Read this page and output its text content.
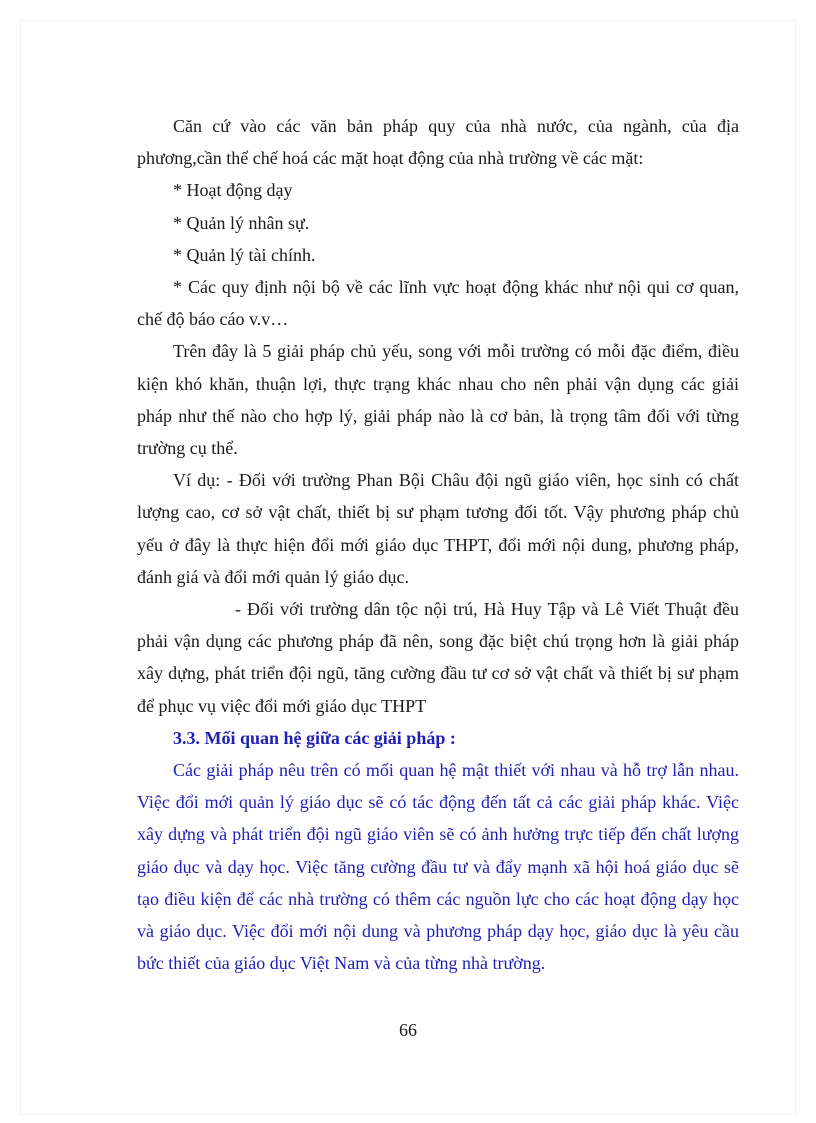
Căn cứ vào các văn bản pháp quy của nhà nước, của ngành, của địa phương,cần thể chế hoá các mặt hoạt động của nhà trường về các mặt:

* Hoạt động dạy

* Quản lý nhân sự.

* Quản lý tài chính.

* Các quy định nội bộ về các lĩnh vực hoạt động khác như nội qui cơ quan, chế độ báo cáo v.v…

Trên đây là 5 giải pháp chủ yếu, song với mỗi trường có mỗi đặc điểm, điều kiện khó khăn, thuận lợi, thực trạng khác nhau cho nên phải vận dụng các giải pháp như thế nào cho hợp lý, giải pháp nào là cơ bản, là trọng tâm đối với từng trường cụ thể.

Ví dụ: - Đối với trường Phan Bội Châu đội ngũ giáo viên, học sinh có chất lượng cao, cơ sở vật chất, thiết bị sư phạm tương đối tốt. Vậy phương pháp chủ yếu ở đây là thực hiện đổi mới giáo dục THPT, đổi mới nội dung, phương pháp, đánh giá và đổi mới quản lý giáo dục.

- Đối với trường dân tộc nội trú, Hà Huy Tập và Lê Viết Thuật đều phải vận dụng các phương pháp đã nên, song đặc biệt chú trọng hơn là giải pháp xây dựng, phát triển đội ngũ, tăng cường đầu tư cơ sở vật chất và thiết bị sư phạm để phục vụ việc đổi mới giáo dục THPT

3.3. Mối quan hệ giữa các giải pháp :

Các giải pháp nêu trên có mối quan hệ mật thiết với nhau và hỗ trợ lẫn nhau. Việc đổi mới quản lý giáo dục sẽ có tác động đến tất cả các giải pháp khác. Việc xây dựng và phát triển đội ngũ giáo viên sẽ có ảnh hưởng trực tiếp đến chất lượng giáo dục và dạy học. Việc tăng cường đầu tư và đẩy mạnh xã hội hoá giáo dục sẽ tạo điều kiện để các nhà trường có thêm các nguồn lực cho các hoạt động dạy học và giáo dục. Việc đổi mới nội dung và phương pháp dạy học, giáo dục là yêu cầu bức thiết của giáo dục Việt Nam và của từng nhà trường.

66
